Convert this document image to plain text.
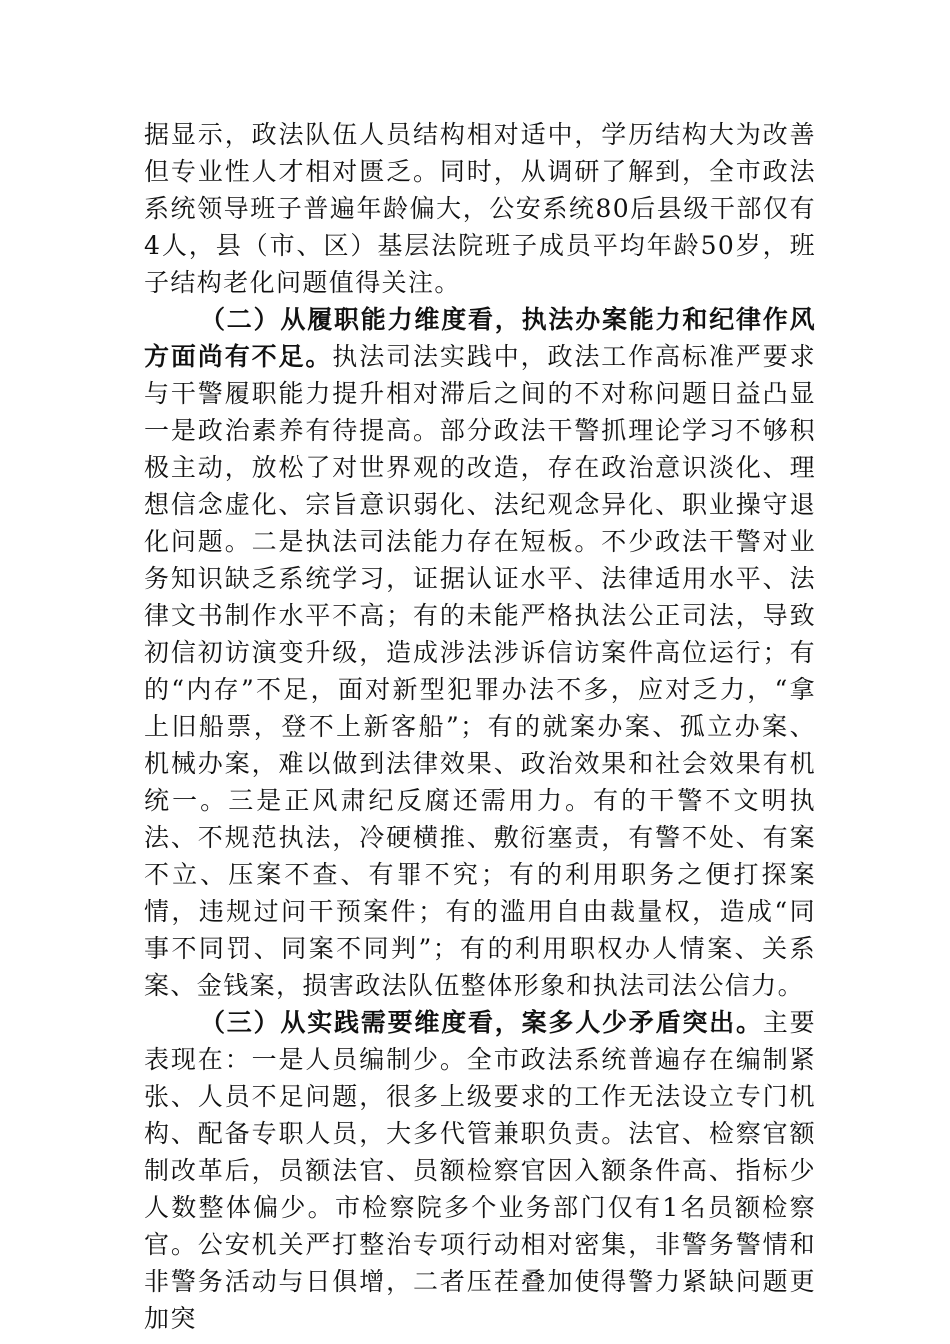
据显示，政法队伍人员结构相对适中，学历结构大为改善但专业性人才相对匮乏。同时，从调研了解到，全市政法系统领导班子普遍年龄偏大，公安系统80后县级干部仅有4人，县（市、区）基层法院班子成员平均年龄50岁，班子结构老化问题值得关注。

（二）从履职能力维度看，执法办案能力和纪律作风方面尚有不足。执法司法实践中，政法工作高标准严要求与干警履职能力提升相对滞后之间的不对称问题日益凸显一是政治素养有待提高。部分政法干警抓理论学习不够积极主动，放松了对世界观的改造，存在政治意识淡化、理想信念虚化、宗旨意识弱化、法纪观念异化、职业操守退化问题。二是执法司法能力存在短板。不少政法干警对业务知识缺乏系统学习，证据认证水平、法律适用水平、法律文书制作水平不高；有的未能严格执法公正司法，导致初信初访演变升级，造成涉法涉诉信访案件高位运行；有的“内存”不足，面对新型犯罪办法不多，应对乏力，“拿上旧船票，登不上新客船”；有的就案办案、孤立办案、机械办案，难以做到法律效果、政治效果和社会效果有机统一。三是正风肃纪反腐还需用力。有的干警不文明执法、不规范执法，冷硬横推、敷衍塞责，有警不处、有案不立、压案不查、有罪不究；有的利用职务之便打探案情，违规过问干预案件；有的滥用自由裁量权，造成“同事不同罚、同案不同判”；有的利用职权办人情案、关系案、金钱案，损害政法队伍整体形象和执法司法公信力。

（三）从实践需要维度看，案多人少矛盾突出。主要表现在：一是人员编制少。全市政法系统普遍存在编制紧张、人员不足问题，很多上级要求的工作无法设立专门机构、配备专职人员，大多代管兼职负责。法官、检察官额制改革后，员额法官、员额检察官因入额条件高、指标少人数整体偏少。市检察院多个业务部门仅有1名员额检察官。公安机关严打整治专项行动相对密集，非警务警情和非警务活动与日俱增，二者压茬叠加使得警力紧缺问题更加突
